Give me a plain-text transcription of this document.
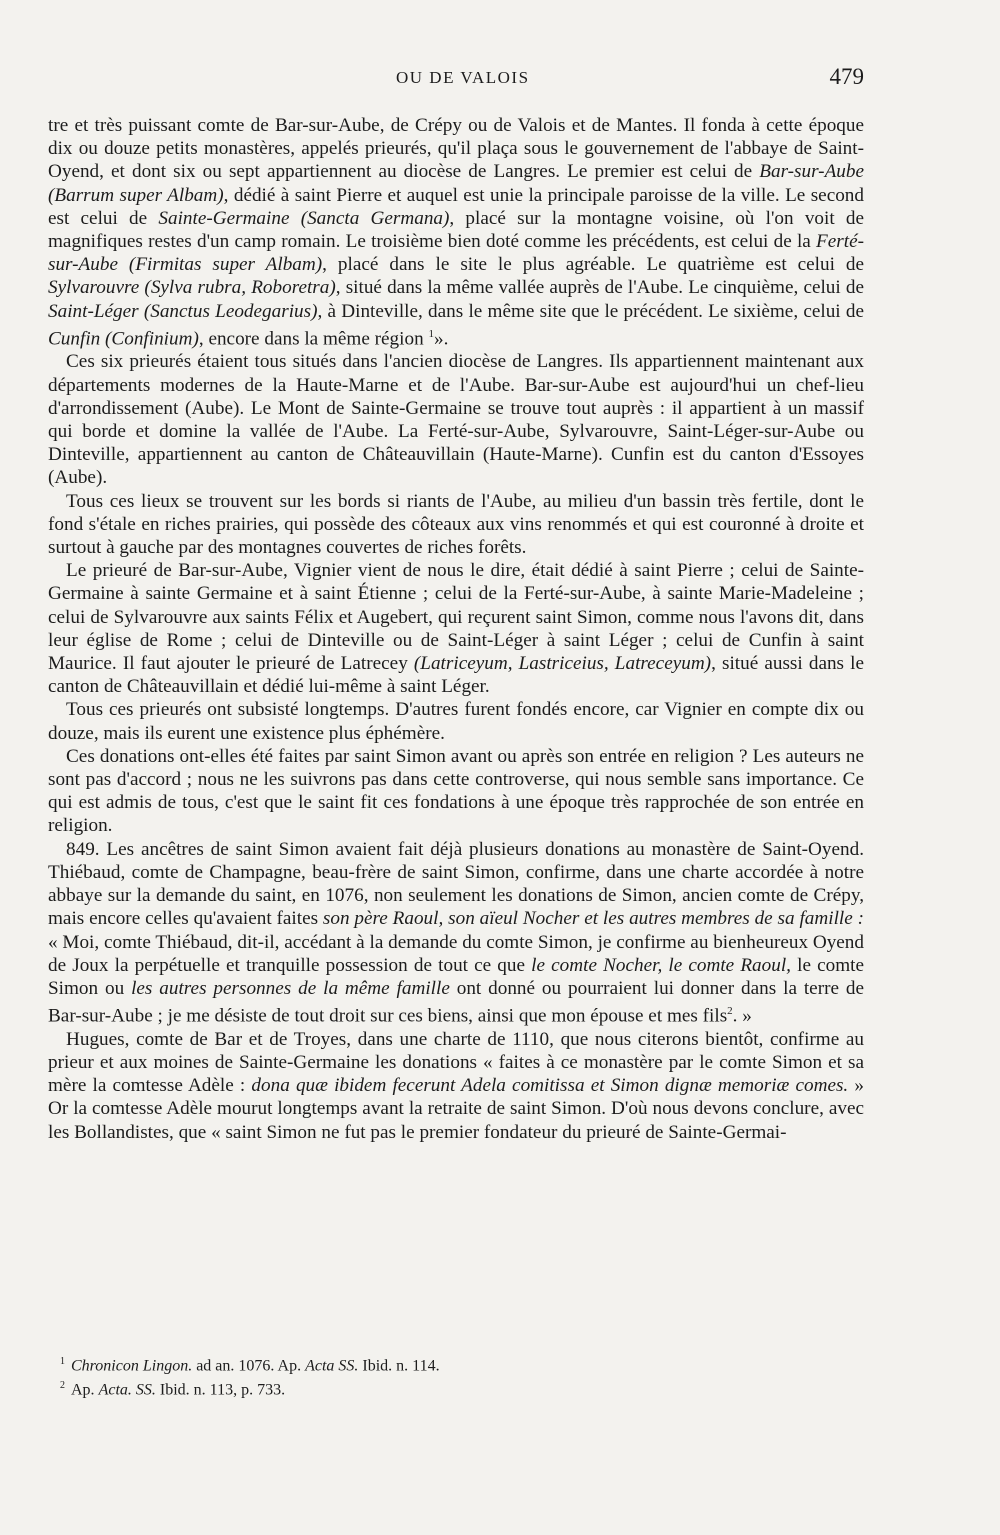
OU DE VALOIS	479

tre et très puissant comte de Bar-sur-Aube, de Crépy ou de Valois et de Mantes. Il fonda à cette époque dix ou douze petits monastères, appelés prieurés, qu'il plaça sous le gouvernement de l'abbaye de Saint-Oyend, et dont six ou sept appartiennent au diocèse de Langres. Le premier est celui de Bar-sur-Aube (Barrum super Albam), dédié à saint Pierre et auquel est unie la principale paroisse de la ville. Le second est celui de Sainte-Germaine (Sancta Germana), placé sur la montagne voisine, où l'on voit de magnifiques restes d'un camp romain. Le troisième bien doté comme les précédents, est celui de la Ferté-sur-Aube (Firmitas super Albam), placé dans le site le plus agréable. Le quatrième est celui de Sylvarouvre (Sylva rubra, Roboretra), situé dans la même vallée auprès de l'Aube. Le cinquième, celui de Saint-Léger (Sanctus Leodegarius), à Dinteville, dans le même site que le précédent. Le sixième, celui de Cunfin (Confinium), encore dans la même région $^1$».

Ces six prieurés étaient tous situés dans l'ancien diocèse de Langres. Ils appartiennent maintenant aux départements modernes de la Haute-Marne et de l'Aube. Bar-sur-Aube est aujourd'hui un chef-lieu d'arrondissement (Aube). Le Mont de Sainte-Germaine se trouve tout auprès : il appartient à un massif qui borde et domine la vallée de l'Aube. La Ferté-sur-Aube, Sylvarouvre, Saint-Léger-sur-Aube ou Dinteville, appartiennent au canton de Châteauvillain (Haute-Marne). Cunfin est du canton d'Essoyes (Aube).

Tous ces lieux se trouvent sur les bords si riants de l'Aube, au milieu d'un bassin très fertile, dont le fond s'étale en riches prairies, qui possède des côteaux aux vins renommés et qui est couronné à droite et surtout à gauche par des montagnes couvertes de riches forêts.

Le prieuré de Bar-sur-Aube, Vignier vient de nous le dire, était dédié à saint Pierre ; celui de Sainte-Germaine à sainte Germaine et à saint Étienne ; celui de la Ferté-sur-Aube, à sainte Marie-Madeleine ; celui de Sylvarouvre aux saints Félix et Augebert, qui reçurent saint Simon, comme nous l'avons dit, dans leur église de Rome ; celui de Dinteville ou de Saint-Léger à saint Léger ; celui de Cunfin à saint Maurice. Il faut ajouter le prieuré de Latrecey (Latriceyum, Lastriceius, Latreceyum), situé aussi dans le canton de Châteauvillain et dédié lui-même à saint Léger.

Tous ces prieurés ont subsisté longtemps. D'autres furent fondés encore, car Vignier en compte dix ou douze, mais ils eurent une existence plus éphémère.

Ces donations ont-elles été faites par saint Simon avant ou après son entrée en religion ? Les auteurs ne sont pas d'accord ; nous ne les suivrons pas dans cette controverse, qui nous semble sans importance. Ce qui est admis de tous, c'est que le saint fit ces fondations à une époque très rapprochée de son entrée en religion.

849. Les ancêtres de saint Simon avaient fait déjà plusieurs donations au monastère de Saint-Oyend. Thiébaud, comte de Champagne, beau-frère de saint Simon, confirme, dans une charte accordée à notre abbaye sur la demande du saint, en 1076, non seulement les donations de Simon, ancien comte de Crépy, mais encore celles qu'avaient faites son père Raoul, son aïeul Nocher et les autres membres de sa famille : « Moi, comte Thiébaud, dit-il, accédant à la demande du comte Simon, je confirme au bienheureux Oyend de Joux la perpétuelle et tranquille possession de tout ce que le comte Nocher, le comte Raoul, le comte Simon ou les autres personnes de la même famille ont donné ou pourraient lui donner dans la terre de Bar-sur-Aube ; je me désiste de tout droit sur ces biens, ainsi que mon épouse et mes fils$^2$. »

Hugues, comte de Bar et de Troyes, dans une charte de 1110, que nous citerons bientôt, confirme au prieur et aux moines de Sainte-Germaine les donations « faites à ce monastère par le comte Simon et sa mère la comtesse Adèle : dona quæ ibidem fecerunt Adela comitissa et Simon dignæ memoriæ comes. » Or la comtesse Adèle mourut longtemps avant la retraite de saint Simon. D'où nous devons conclure, avec les Bollandistes, que « saint Simon ne fut pas le premier fondateur du prieuré de Sainte-Germai-

$^1$ Chronicon Lingon. ad an. 1076. Ap. Acta SS. Ibid. n. 114.

$^2$ Ap. Acta. SS. Ibid. n. 113, p. 733.
